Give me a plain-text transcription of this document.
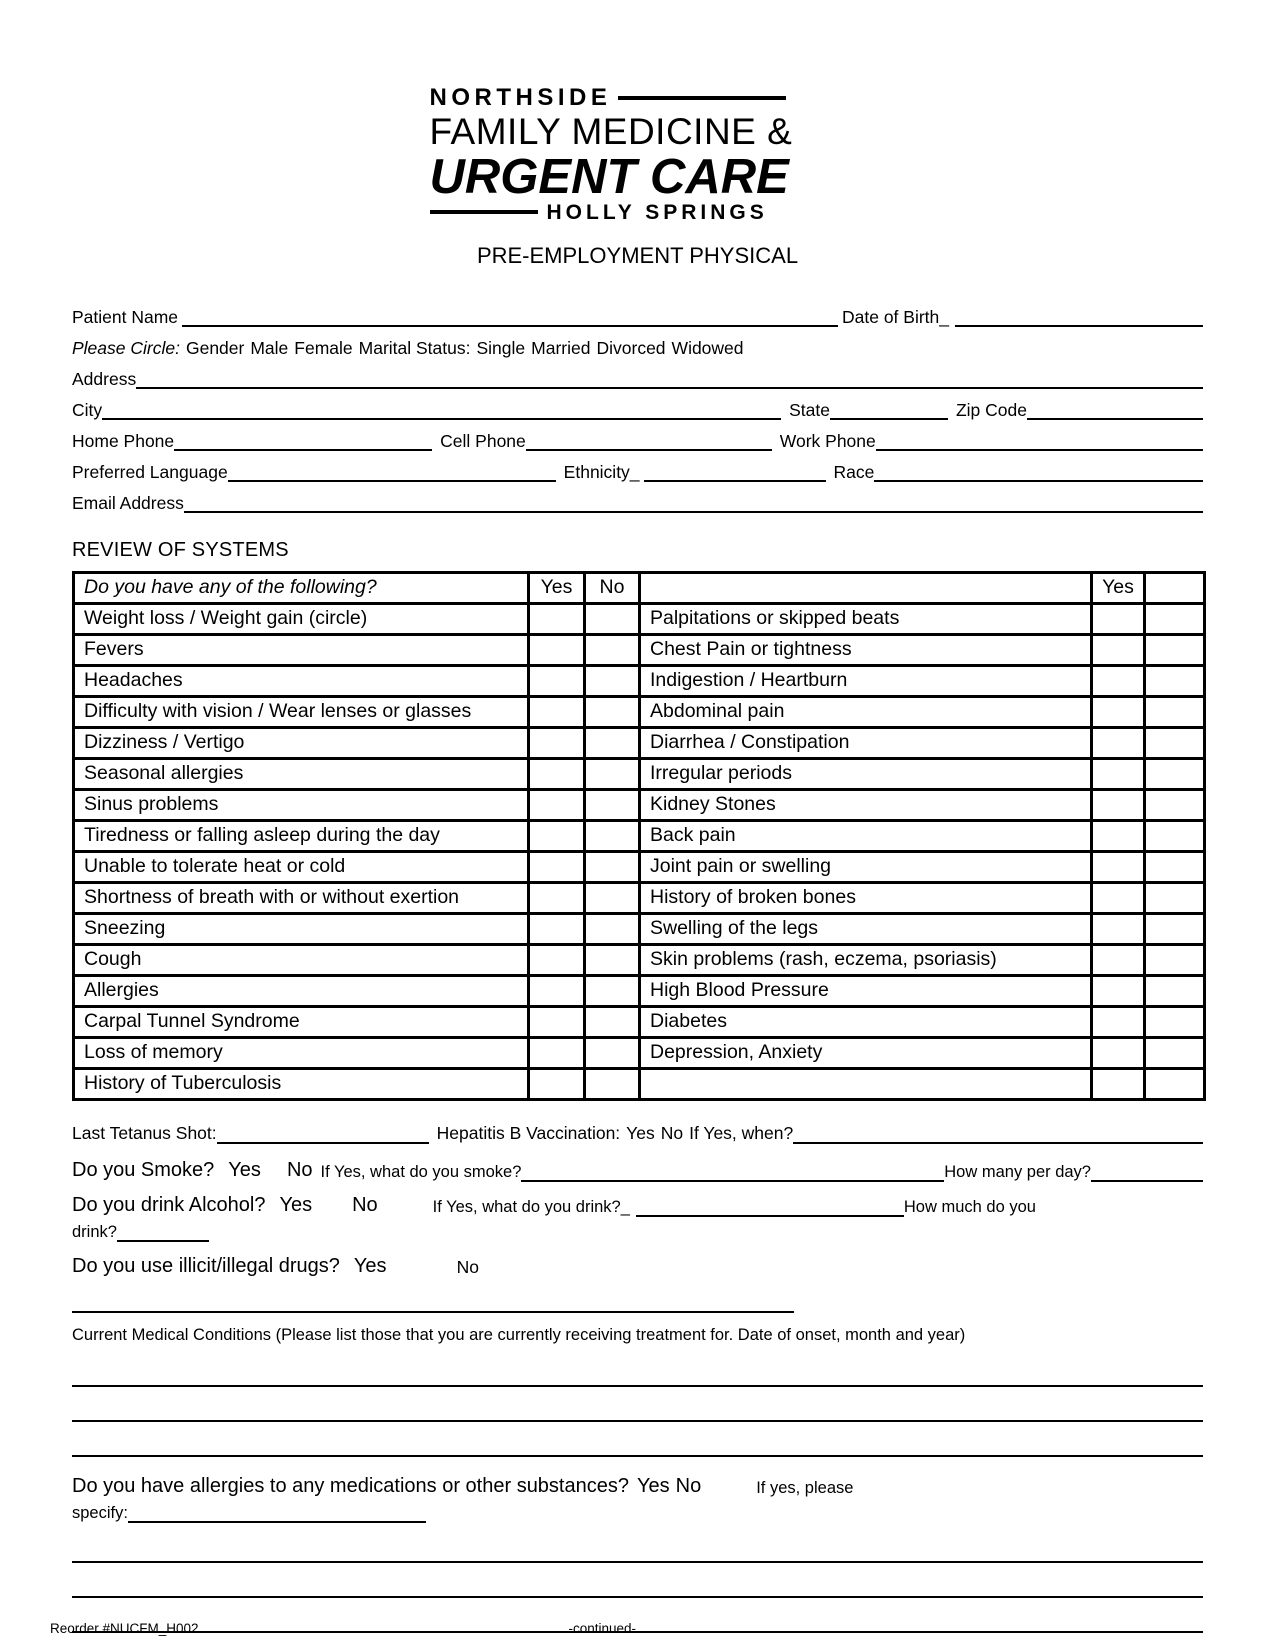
NORTHSIDE
FAMILY MEDICINE &
URGENT CARE
HOLLY SPRINGS
PRE-EMPLOYMENT PHYSICAL
Patient Name	Date of Birth_
Please Circle: Gender Male Female Marital Status: Single Married Divorced Widowed
Address
City	State	Zip Code
Home Phone	Cell Phone	Work Phone
Preferred Language	Ethnicity_	Race
Email Address
REVIEW OF SYSTEMS
Do you have any of the following?	Yes	No		Yes	
Weight loss / Weight gain (circle)			Palpitations or skipped beats		
Fevers			Chest Pain or tightness		
Headaches			Indigestion / Heartburn		
Difficulty with vision / Wear lenses or glasses			Abdominal pain		
Dizziness / Vertigo			Diarrhea / Constipation		
Seasonal allergies			Irregular periods		
Sinus problems			Kidney Stones		
Tiredness or falling asleep during the day			Back pain		
Unable to tolerate heat or cold			Joint pain or swelling		
Shortness of breath with or without exertion			History of broken bones		
Sneezing			Swelling of the legs		
Cough			Skin problems (rash, eczema, psoriasis)		
Allergies			High Blood Pressure		
Carpal Tunnel Syndrome			Diabetes		
Loss of memory			Depression, Anxiety		
History of Tuberculosis					
Last Tetanus Shot:	Hepatitis B Vaccination: Yes No If Yes, when?
Do you Smoke? Yes No If Yes, what do you smoke?	How many per day?
Do you drink Alcohol? Yes No	If Yes, what do you drink?_	How much do you
drink?
Do you use illicit/illegal drugs? Yes	No
Current Medical Conditions (Please list those that you are currently receiving treatment for. Date of onset, month and year)
Do you have allergies to any medications or other substances? Yes No	If yes, please
specify:
Reorder #NUCFM_H002	-continued-
